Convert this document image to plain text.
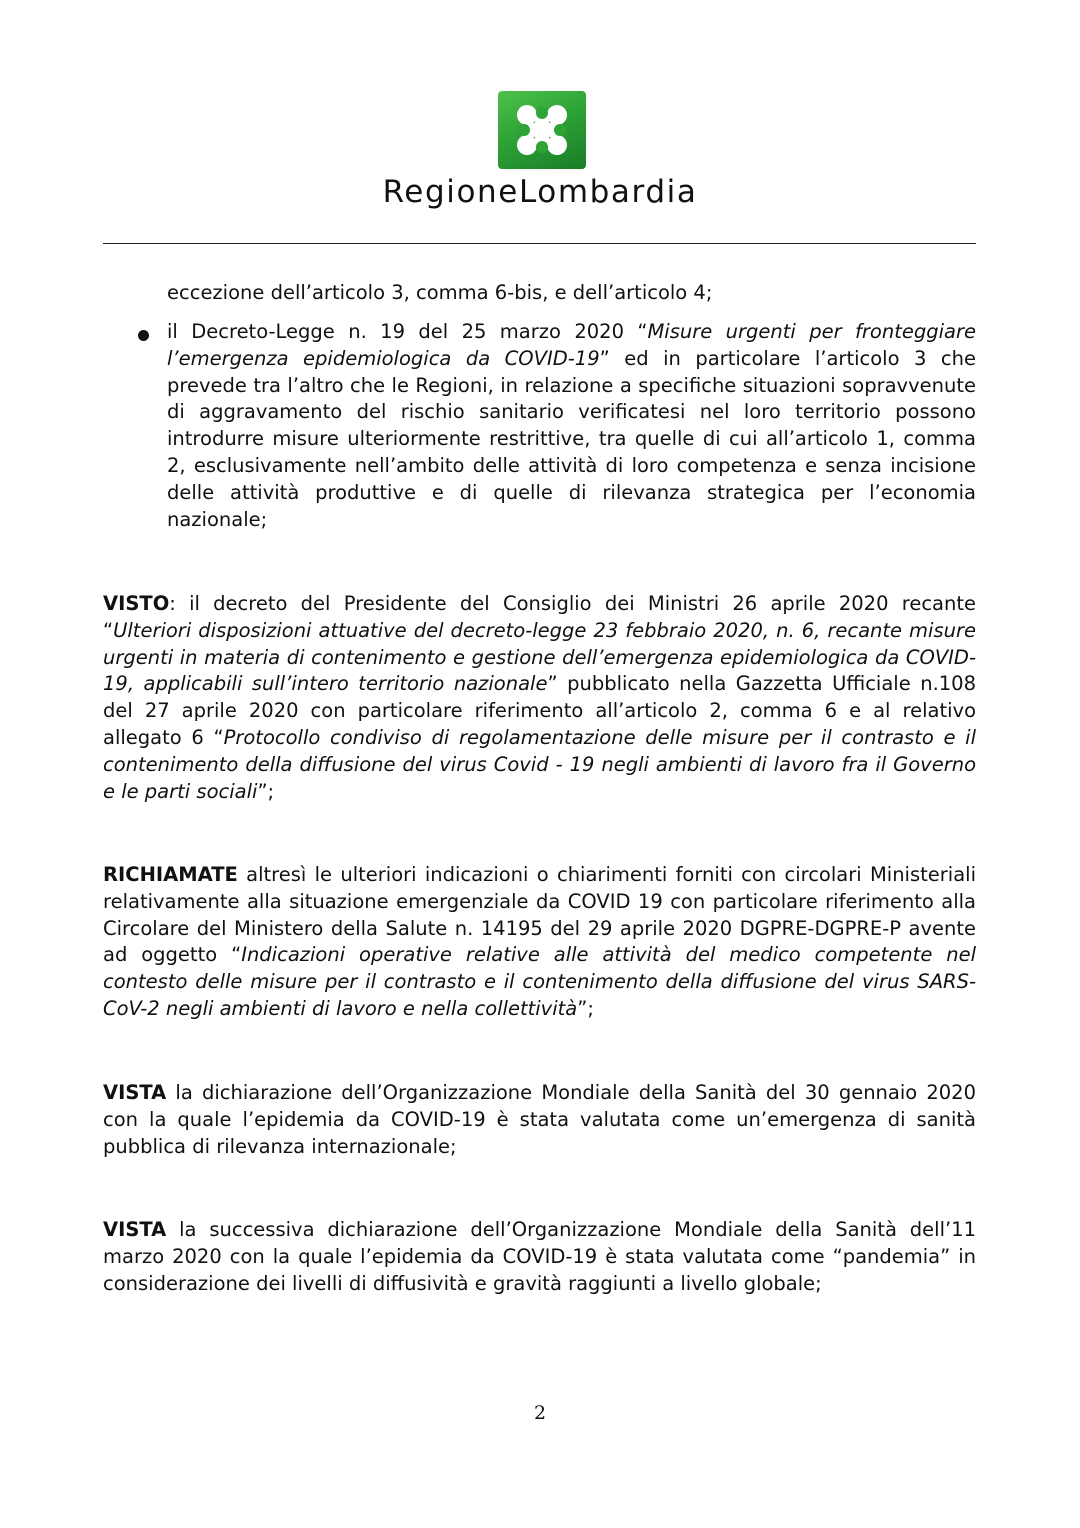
RegioneLombardia

eccezione dell’articolo 3, comma 6-bis, e dell’articolo 4;

il Decreto-Legge n. 19 del 25 marzo 2020 “Misure urgenti per fronteggiare l’emergenza epidemiologica da COVID-19” ed in particolare l’articolo 3 che prevede tra l’altro che le Regioni, in relazione a specifiche situazioni sopravvenute di aggravamento del rischio sanitario verificatesi nel loro territorio possono introdurre misure ulteriormente restrittive, tra quelle di cui all’articolo 1, comma 2, esclusivamente nell’ambito delle attività di loro competenza e senza incisione delle attività produttive e di quelle di rilevanza strategica per l’economia nazionale;

VISTO: il decreto del Presidente del Consiglio dei Ministri 26 aprile 2020 recante “Ulteriori disposizioni attuative del decreto-legge 23 febbraio 2020, n. 6, recante misure urgenti in materia di contenimento e gestione dell’emergenza epidemiologica da COVID-19, applicabili sull’intero territorio nazionale” pubblicato nella Gazzetta Ufficiale n.108 del 27 aprile 2020 con particolare riferimento all’articolo 2, comma 6 e al relativo allegato 6 “Protocollo condiviso di regolamentazione delle misure per il contrasto e il contenimento della diffusione del virus Covid - 19 negli ambienti di lavoro fra il Governo e le parti sociali”;

RICHIAMATE altresì le ulteriori indicazioni o chiarimenti forniti con circolari Ministeriali relativamente alla situazione emergenziale da COVID 19 con particolare riferimento alla Circolare del Ministero della Salute n. 14195 del 29 aprile 2020 DGPRE-DGPRE-P avente ad oggetto “Indicazioni operative relative alle attività del medico competente nel contesto delle misure per il contrasto e il contenimento della diffusione del virus SARS-CoV-2 negli ambienti di lavoro e nella collettività”;

VISTA la dichiarazione dell’Organizzazione Mondiale della Sanità del 30 gennaio 2020 con la quale l’epidemia da COVID-19 è stata valutata come un’emergenza di sanità pubblica di rilevanza internazionale;

VISTA la successiva dichiarazione dell’Organizzazione Mondiale della Sanità dell’11 marzo 2020 con la quale l’epidemia da COVID-19 è stata valutata come “pandemia” in considerazione dei livelli di diffusività e gravità raggiunti a livello globale;

2
